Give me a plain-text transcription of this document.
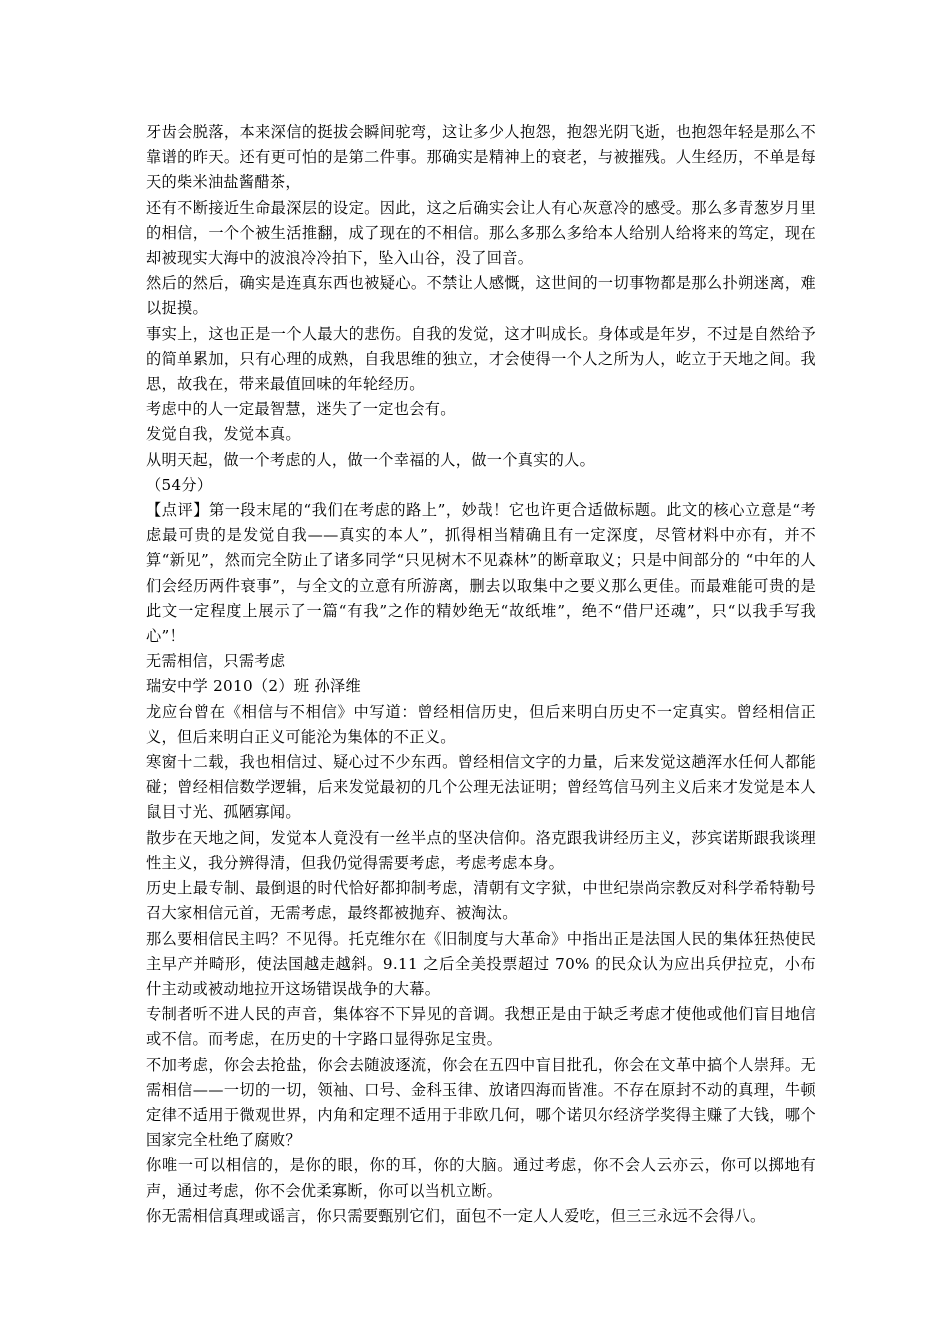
牙齿会脱落，本来深信的挺拔会瞬间驼弯，这让多少人抱怨，抱怨光阴飞逝，也抱怨年轻是那么不靠谱的昨天。还有更可怕的是第二件事。那确实是精神上的衰老，与被摧残。人生经历，不单是每天的柴米油盐酱醋茶，

还有不断接近生命最深层的设定。因此，这之后确实会让人有心灰意冷的感受。那么多青葱岁月里的相信，一个个被生活推翻，成了现在的不相信。那么多那么多给本人给别人给将来的笃定，现在却被现实大海中的波浪冷冷拍下，坠入山谷，没了回音。

然后的然后，确实是连真东西也被疑心。不禁让人感慨，这世间的一切事物都是那么扑朔迷离，难以捉摸。

事实上，这也正是一个人最大的悲伤。自我的发觉，这才叫成长。身体或是年岁，不过是自然给予的简单累加，只有心理的成熟，自我思维的独立，才会使得一个人之所为人，屹立于天地之间。我思，故我在，带来最值回味的年轮经历。

考虑中的人一定最智慧，迷失了一定也会有。

发觉自我，发觉本真。

从明天起，做一个考虑的人，做一个幸福的人，做一个真实的人。

（54分）

【点评】第一段末尾的“我们在考虑的路上”，妙哉！它也许更合适做标题。此文的核心立意是“考虑最可贵的是发觉自我——真实的本人”，抓得相当精确且有一定深度，尽管材料中亦有，并不算“新见”，然而完全防止了诸多同学“只见树木不见森林”的断章取义；只是中间部分的 “中年的人们会经历两件衰事”，与全文的立意有所游离，删去以取集中之要义那么更佳。而最难能可贵的是此文一定程度上展示了一篇“有我”之作的精妙绝无“故纸堆”，绝不“借尸还魂”，只“以我手写我心”！

无需相信，只需考虑

瑞安中学 2010（2）班 孙泽维

龙应台曾在《相信与不相信》中写道：曾经相信历史，但后来明白历史不一定真实。曾经相信正义，但后来明白正义可能沦为集体的不正义。

寒窗十二载，我也相信过、疑心过不少东西。曾经相信文字的力量，后来发觉这趟浑水任何人都能碰；曾经相信数学逻辑，后来发觉最初的几个公理无法证明；曾经笃信马列主义后来才发觉是本人鼠目寸光、孤陋寡闻。

散步在天地之间，发觉本人竟没有一丝半点的坚决信仰。洛克跟我讲经历主义，莎宾诺斯跟我谈理性主义，我分辨得清，但我仍觉得需要考虑，考虑考虑本身。

历史上最专制、最倒退的时代恰好都抑制考虑，清朝有文字狱，中世纪崇尚宗教反对科学希特勒号召大家相信元首，无需考虑，最终都被抛弃、被淘汰。

那么要相信民主吗？不见得。托克维尔在《旧制度与大革命》中指出正是法国人民的集体狂热使民主早产并畸形，使法国越走越斜。9.11 之后全美投票超过 70% 的民众认为应出兵伊拉克，小布什主动或被动地拉开这场错误战争的大幕。

专制者听不进人民的声音，集体容不下异见的音调。我想正是由于缺乏考虑才使他或他们盲目地信或不信。而考虑，在历史的十字路口显得弥足宝贵。

不加考虑，你会去抢盐，你会去随波逐流，你会在五四中盲目批孔，你会在文革中搞个人崇拜。无需相信——一切的一切，领袖、口号、金科玉律、放诸四海而皆准。不存在原封不动的真理，牛顿定律不适用于微观世界，内角和定理不适用于非欧几何，哪个诺贝尔经济学奖得主赚了大钱，哪个国家完全杜绝了腐败？

你唯一可以相信的，是你的眼，你的耳，你的大脑。通过考虑，你不会人云亦云，你可以掷地有声，通过考虑，你不会优柔寡断，你可以当机立断。

你无需相信真理或谣言，你只需要甄别它们，面包不一定人人爱吃，但三三永远不会得八。
